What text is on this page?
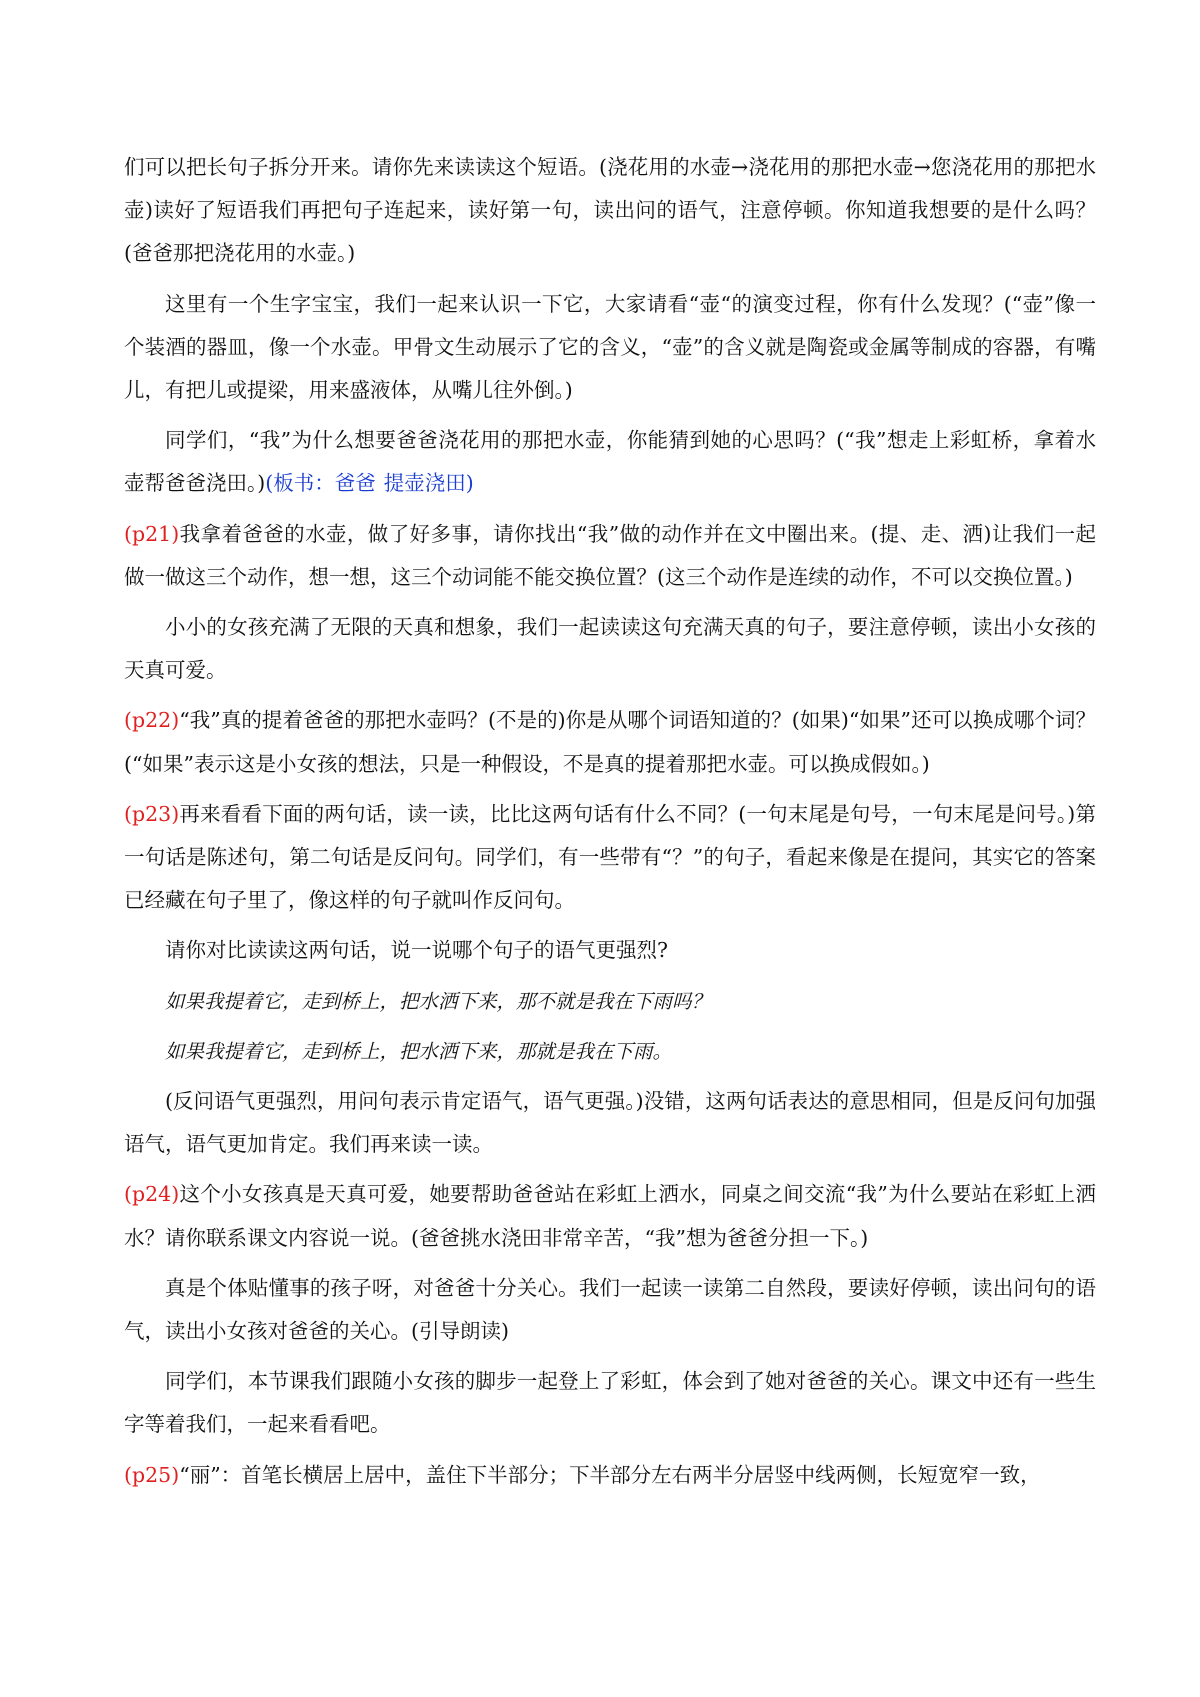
们可以把长句子拆分开来。请你先来读读这个短语。(浇花用的水壶→浇花用的那把水壶→您浇花用的那把水壶)读好了短语我们再把句子连起来，读好第一句，读出问的语气，注意停顿。你知道我想要的是什么吗？(爸爸那把浇花用的水壶。)

这里有一个生字宝宝，我们一起来认识一下它，大家请看“壶“的演变过程，你有什么发现？(“壶”像一个装酒的器皿，像一个水壶。甲骨文生动展示了它的含义，“壶”的含义就是陶瓷或金属等制成的容器，有嘴儿，有把儿或提梁，用来盛液体，从嘴儿往外倒。)

同学们，“我”为什么想要爸爸浇花用的那把水壶，你能猜到她的心思吗？(“我”想走上彩虹桥，拿着水壶帮爸爸浇田。)(板书：爸爸 提壶浇田)

(p21)我拿着爸爸的水壶，做了好多事，请你找出“我”做的动作并在文中圈出来。(提、走、洒)让我们一起做一做这三个动作，想一想，这三个动词能不能交换位置？(这三个动作是连续的动作，不可以交换位置。)

小小的女孩充满了无限的天真和想象，我们一起读读这句充满天真的句子，要注意停顿，读出小女孩的天真可爱。

(p22)“我”真的提着爸爸的那把水壶吗？(不是的)你是从哪个词语知道的？(如果)“如果”还可以换成哪个词？(“如果”表示这是小女孩的想法，只是一种假设，不是真的提着那把水壶。可以换成假如。)

(p23)再来看看下面的两句话，读一读，比比这两句话有什么不同？(一句末尾是句号，一句末尾是问号。)第一句话是陈述句，第二句话是反问句。同学们，有一些带有“？”的句子，看起来像是在提问，其实它的答案已经藏在句子里了，像这样的句子就叫作反问句。

请你对比读读这两句话，说一说哪个句子的语气更强烈?

如果我提着它，走到桥上，把水洒下来，那不就是我在下雨吗？

如果我提着它，走到桥上，把水洒下来，那就是我在下雨。

(反问语气更强烈，用问句表示肯定语气，语气更强。)没错，这两句话表达的意思相同，但是反问句加强语气，语气更加肯定。我们再来读一读。

(p24)这个小女孩真是天真可爱，她要帮助爸爸站在彩虹上洒水，同桌之间交流“我”为什么要站在彩虹上洒水？请你联系课文内容说一说。(爸爸挑水浇田非常辛苦，“我”想为爸爸分担一下。)

真是个体贴懂事的孩子呀，对爸爸十分关心。我们一起读一读第二自然段，要读好停顿，读出问句的语气，读出小女孩对爸爸的关心。(引导朗读)

同学们，本节课我们跟随小女孩的脚步一起登上了彩虹，体会到了她对爸爸的关心。课文中还有一些生字等着我们，一起来看看吧。

(p25)“丽”：首笔长横居上居中，盖住下半部分；下半部分左右两半分居竖中线两侧，长短宽窄一致，
